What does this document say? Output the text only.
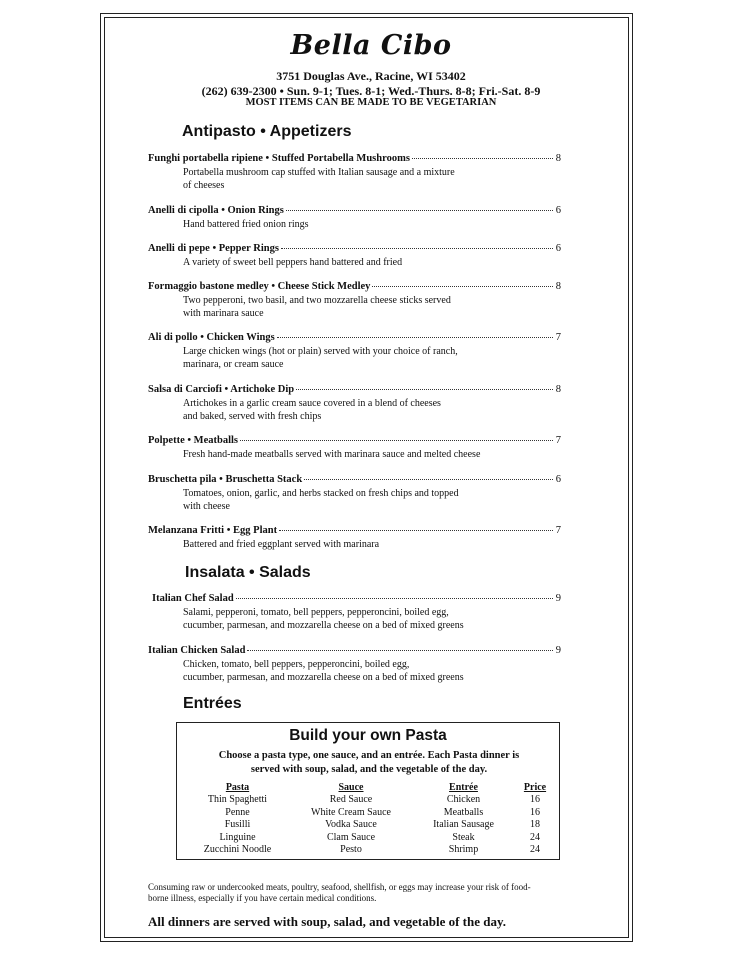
Bella Cibo
3751 Douglas Ave., Racine, WI 53402
(262) 639-2300 • Sun. 9-1; Tues. 8-1; Wed.-Thurs. 8-8; Fri.-Sat. 8-9
MOST ITEMS CAN BE MADE TO BE VEGETARIAN
Antipasto • Appetizers
Funghi portabella ripiene • Stuffed Portabella Mushrooms	8
Portabella mushroom cap stuffed with Italian sausage and a mixture
of cheeses
Anelli di cipolla • Onion Rings	6
Hand battered fried onion rings
Anelli di pepe • Pepper Rings	6
A variety of sweet bell peppers hand battered and fried
Formaggio bastone medley • Cheese Stick Medley	8
Two pepperoni, two basil, and two mozzarella cheese sticks served
with marinara sauce
Ali di pollo • Chicken Wings	7
Large chicken wings (hot or plain) served with your choice of ranch,
marinara, or cream sauce
Salsa di Carciofi • Artichoke Dip	8
Artichokes in a garlic cream sauce covered in a blend of cheeses
and baked, served with fresh chips
Polpette • Meatballs	7
Fresh hand-made meatballs served with marinara sauce and melted cheese
Bruschetta pila • Bruschetta Stack	6
Tomatoes, onion, garlic, and herbs stacked on fresh chips and topped
with cheese
Melanzana Fritti • Egg Plant	7
Battered and fried eggplant served with marinara
Insalata • Salads
Italian Chef Salad	9
Salami, pepperoni, tomato, bell peppers, pepperoncini, boiled egg,
cucumber, parmesan, and mozzarella cheese on a bed of mixed greens
Italian Chicken Salad	9
Chicken, tomato, bell peppers, pepperoncini, boiled egg,
cucumber, parmesan, and mozzarella cheese on a bed of mixed greens
Entrées
Build your own Pasta
Choose a pasta type, one sauce, and an entrée. Each Pasta dinner is
served with soup, salad, and the vegetable of the day.
Pasta	Sauce	Entrée	Price
Thin Spaghetti	Red Sauce	Chicken	16
Penne	White Cream Sauce	Meatballs	16
Fusilli	Vodka Sauce	Italian Sausage	18
Linguine	Clam Sauce	Steak	24
Zucchini Noodle	Pesto	Shrimp	24
Consuming raw or undercooked meats, poultry, seafood, shellfish, or eggs may increase your risk of food-
borne illness, especially if you have certain medical conditions.
All dinners are served with soup, salad, and vegetable of the day.
